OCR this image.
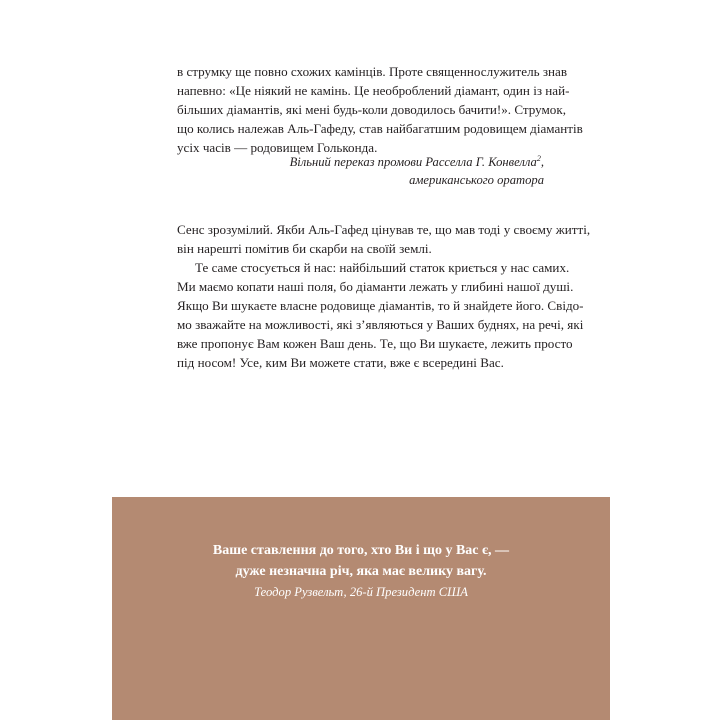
в струмку ще повно схожих камінців. Проте священнослужитель знав
напевно: «Це ніякий не камінь. Це необроблений діамант, один із най-
більших діамантів, які мені будь-коли доводилось бачити!». Струмок,
що колись належав Аль-Гафеду, став найбагатшим родовищем діамантів
усіх часів — родовищем Гольконда.
Вільний переказ промови Расселла Г. Конвелла$^2$,
американського оратора
Сенс зрозумілий. Якби Аль-Гафед цінував те, що мав тоді у своєму житті,
він нарешті помітив би скарби на своїй землі.
Те саме стосується й нас: найбільший статок криється у нас самих.
Ми маємо копати наші поля, бо діаманти лежать у глибині нашої душі.
Якщо Ви шукаєте власне родовище діамантів, то й знайдете його. Свідо-
мо зважайте на можливості, які з’являються у Ваших буднях, на речі, які
вже пропонує Вам кожен Ваш день. Те, що Ви шукаєте, лежить просто
під носом! Усе, ким Ви можете стати, вже є всередині Вас.
Ваше ставлення до того, хто Ви і що у Вас є, —
дуже незначна річ, яка має велику вагу.
Теодор Рузвельт, 26-й Президент США
